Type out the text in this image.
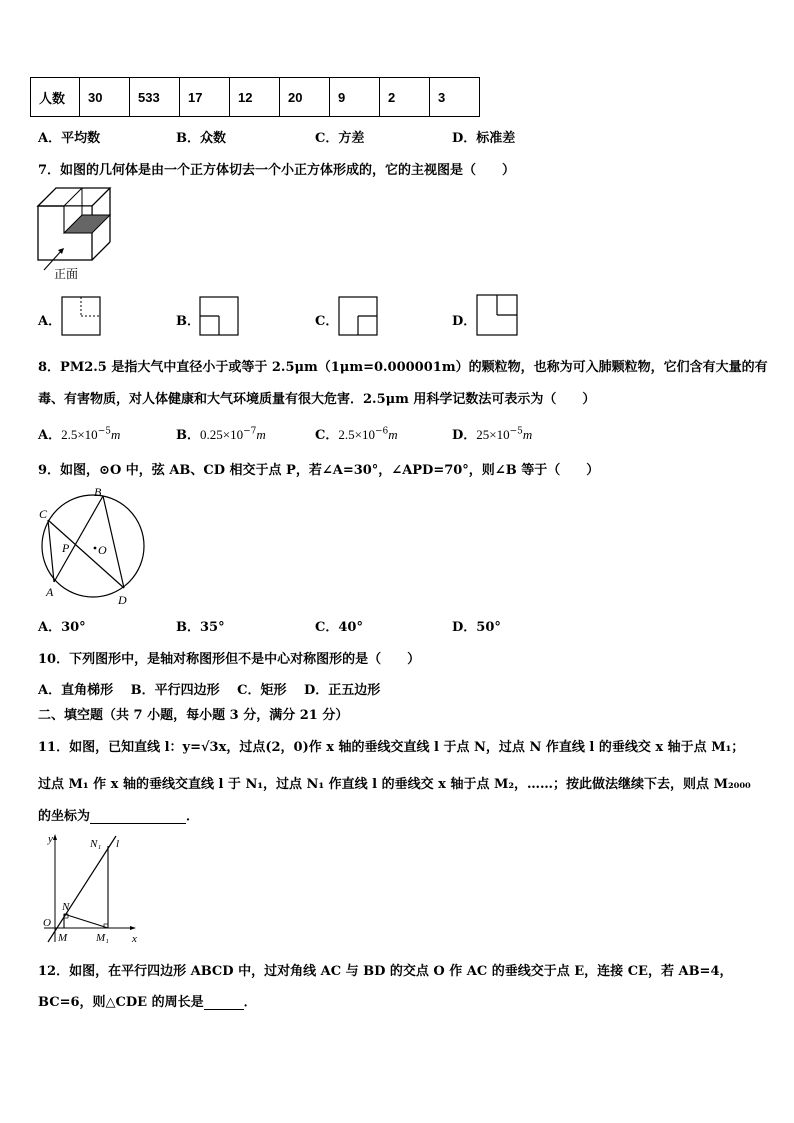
人数	30	533	17	12	20	9	2	3
A．平均数	B．众数	C．方差	D．标准差
7．如图的几何体是由一个正方体切去一个小正方体形成的，它的主视图是（　　）
正面
A．	B．	C．	D．
8．PM2.5 是指大气中直径小于或等于 2.5μm（1μm=0.000001m）的颗粒物，也称为可入肺颗粒物，它们含有大量的有
毒、有害物质，对人体健康和大气环境质量有很大危害．2.5μm 用科学记数法可表示为（　　）
A．$2.5\times 10^{-5}m$	B．$0.25\times 10^{-7}m$	C．$2.5\times 10^{-6}m$	D．$25\times 10^{-5}m$
9．如图，⊙O 中，弦 AB、CD 相交于点 P，若∠A=30°，∠APD=70°，则∠B 等于（　　）
B
C
P O
A
D
A．30°	B．35°	C．40°	D．50°
10．下列图形中，是轴对称图形但不是中心对称图形的是（　　）
A．直角梯形　 B．平行四边形　 C．矩形　 D．正五边形
二、填空题（共 7 小题，每小题 3 分，满分 21 分）
11．如图，已知直线 l：y=√3x，过点(2，0)作 x 轴的垂线交直线 l 于点 N，过点 N 作直线 l 的垂线交 x 轴于点 M₁；
过点 M₁ 作 x 轴的垂线交直线 l 于 N₁，过点 N₁ 作直线 l 的垂线交 x 轴于点 M₂，……；按此做法继续下去，则点 M₂₀₀₀
的坐标为	．
y
x
O
M	M₁
N
N₁ l
12．如图，在平行四边形 ABCD 中，过对角线 AC 与 BD 的交点 O 作 AC 的垂线交于点 E，连接 CE，若 AB=4，
BC=6，则△CDE 的周长是	．
